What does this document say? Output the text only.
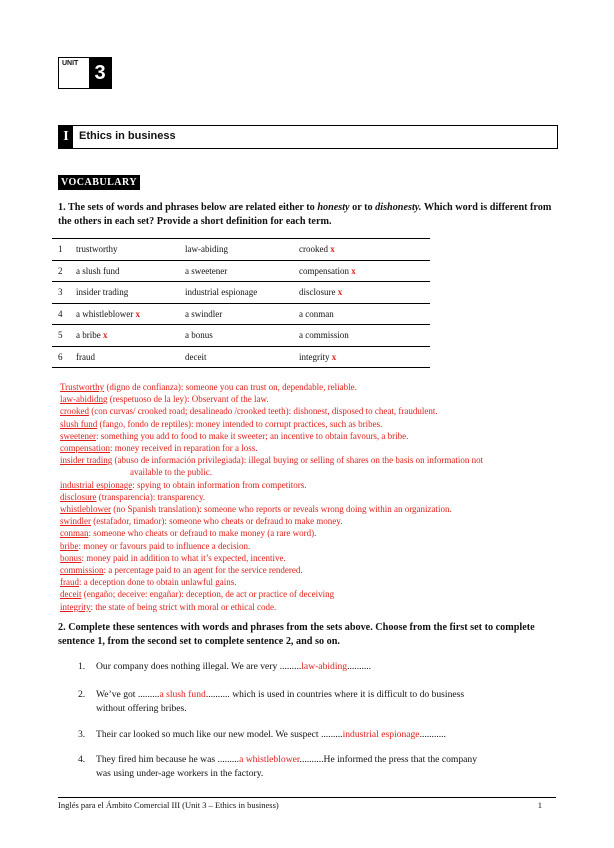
UNIT 3
I Ethics in business
VOCABULARY
1. The sets of words and phrases below are related either to honesty or to dishonesty. Which word is different from the others in each set? Provide a short definition for each term.
1	trustworthy	law-abiding	crooked x
2	a slush fund	a sweetener	compensation x
3	insider trading	industrial espionage	disclosure x
4	a whistleblower x	a swindler	a conman
5	a bribe x	a bonus	a commission
6	fraud	deceit	integrity x
Trustworthy (digno de confianza): someone you can trust on, dependable, reliable.
law-abididng (respetuoso de la ley): Observant of the law.
crooked (con curvas/ crooked road; desalineado /crooked teeth): dishonest, disposed to cheat, fraudulent.
slush fund (fango, fondo de reptiles): money intended to corrupt practices, such as bribes.
sweetener: something you add to food to make it sweeter; an incentive to obtain favours, a bribe.
compensation: money received in reparation for a loss.
insider trading (abuso de información privilegiada): illegal buying or selling of shares on the basis on information not
available to the public.
industrial espionage: spying to obtain information from competitors.
disclosure (transparencia): transparency.
whistleblower (no Spanish translation): someone who reports or reveals wrong doing within an organization.
swindler (estafador, timador): someone who cheats or defraud to make money.
conman: someone who cheats or defraud to make money (a rare word).
bribe: money or favours paid to influence a decision.
bonus: money paid in addition to what it’s expected, incentive.
commission: a percentage paid to an agent for the service rendered.
fraud: a deception done to obtain unlawful gains.
deceit (engaño; deceive: engañar): deception, de act or practice of deceiving
integrity: the state of being strict with moral or ethical code.
2. Complete these sentences with words and phrases from the sets above. Choose from the first set to complete sentence 1, from the second set to complete sentence 2, and so on.
1. Our company does nothing illegal. We are very .........law-abiding..........
2. We’ve got .........a slush fund.......... which is used in countries where it is difficult to do business
without offering bribes.
3. Their car looked so much like our new model. We suspect .........industrial espionage...........
4. They fired him because he was .........a whistleblower..........He informed the press that the company
was using under-age workers in the factory.
Inglés para el Ámbito Comercial III (Unit 3 – Ethics in business)	1
